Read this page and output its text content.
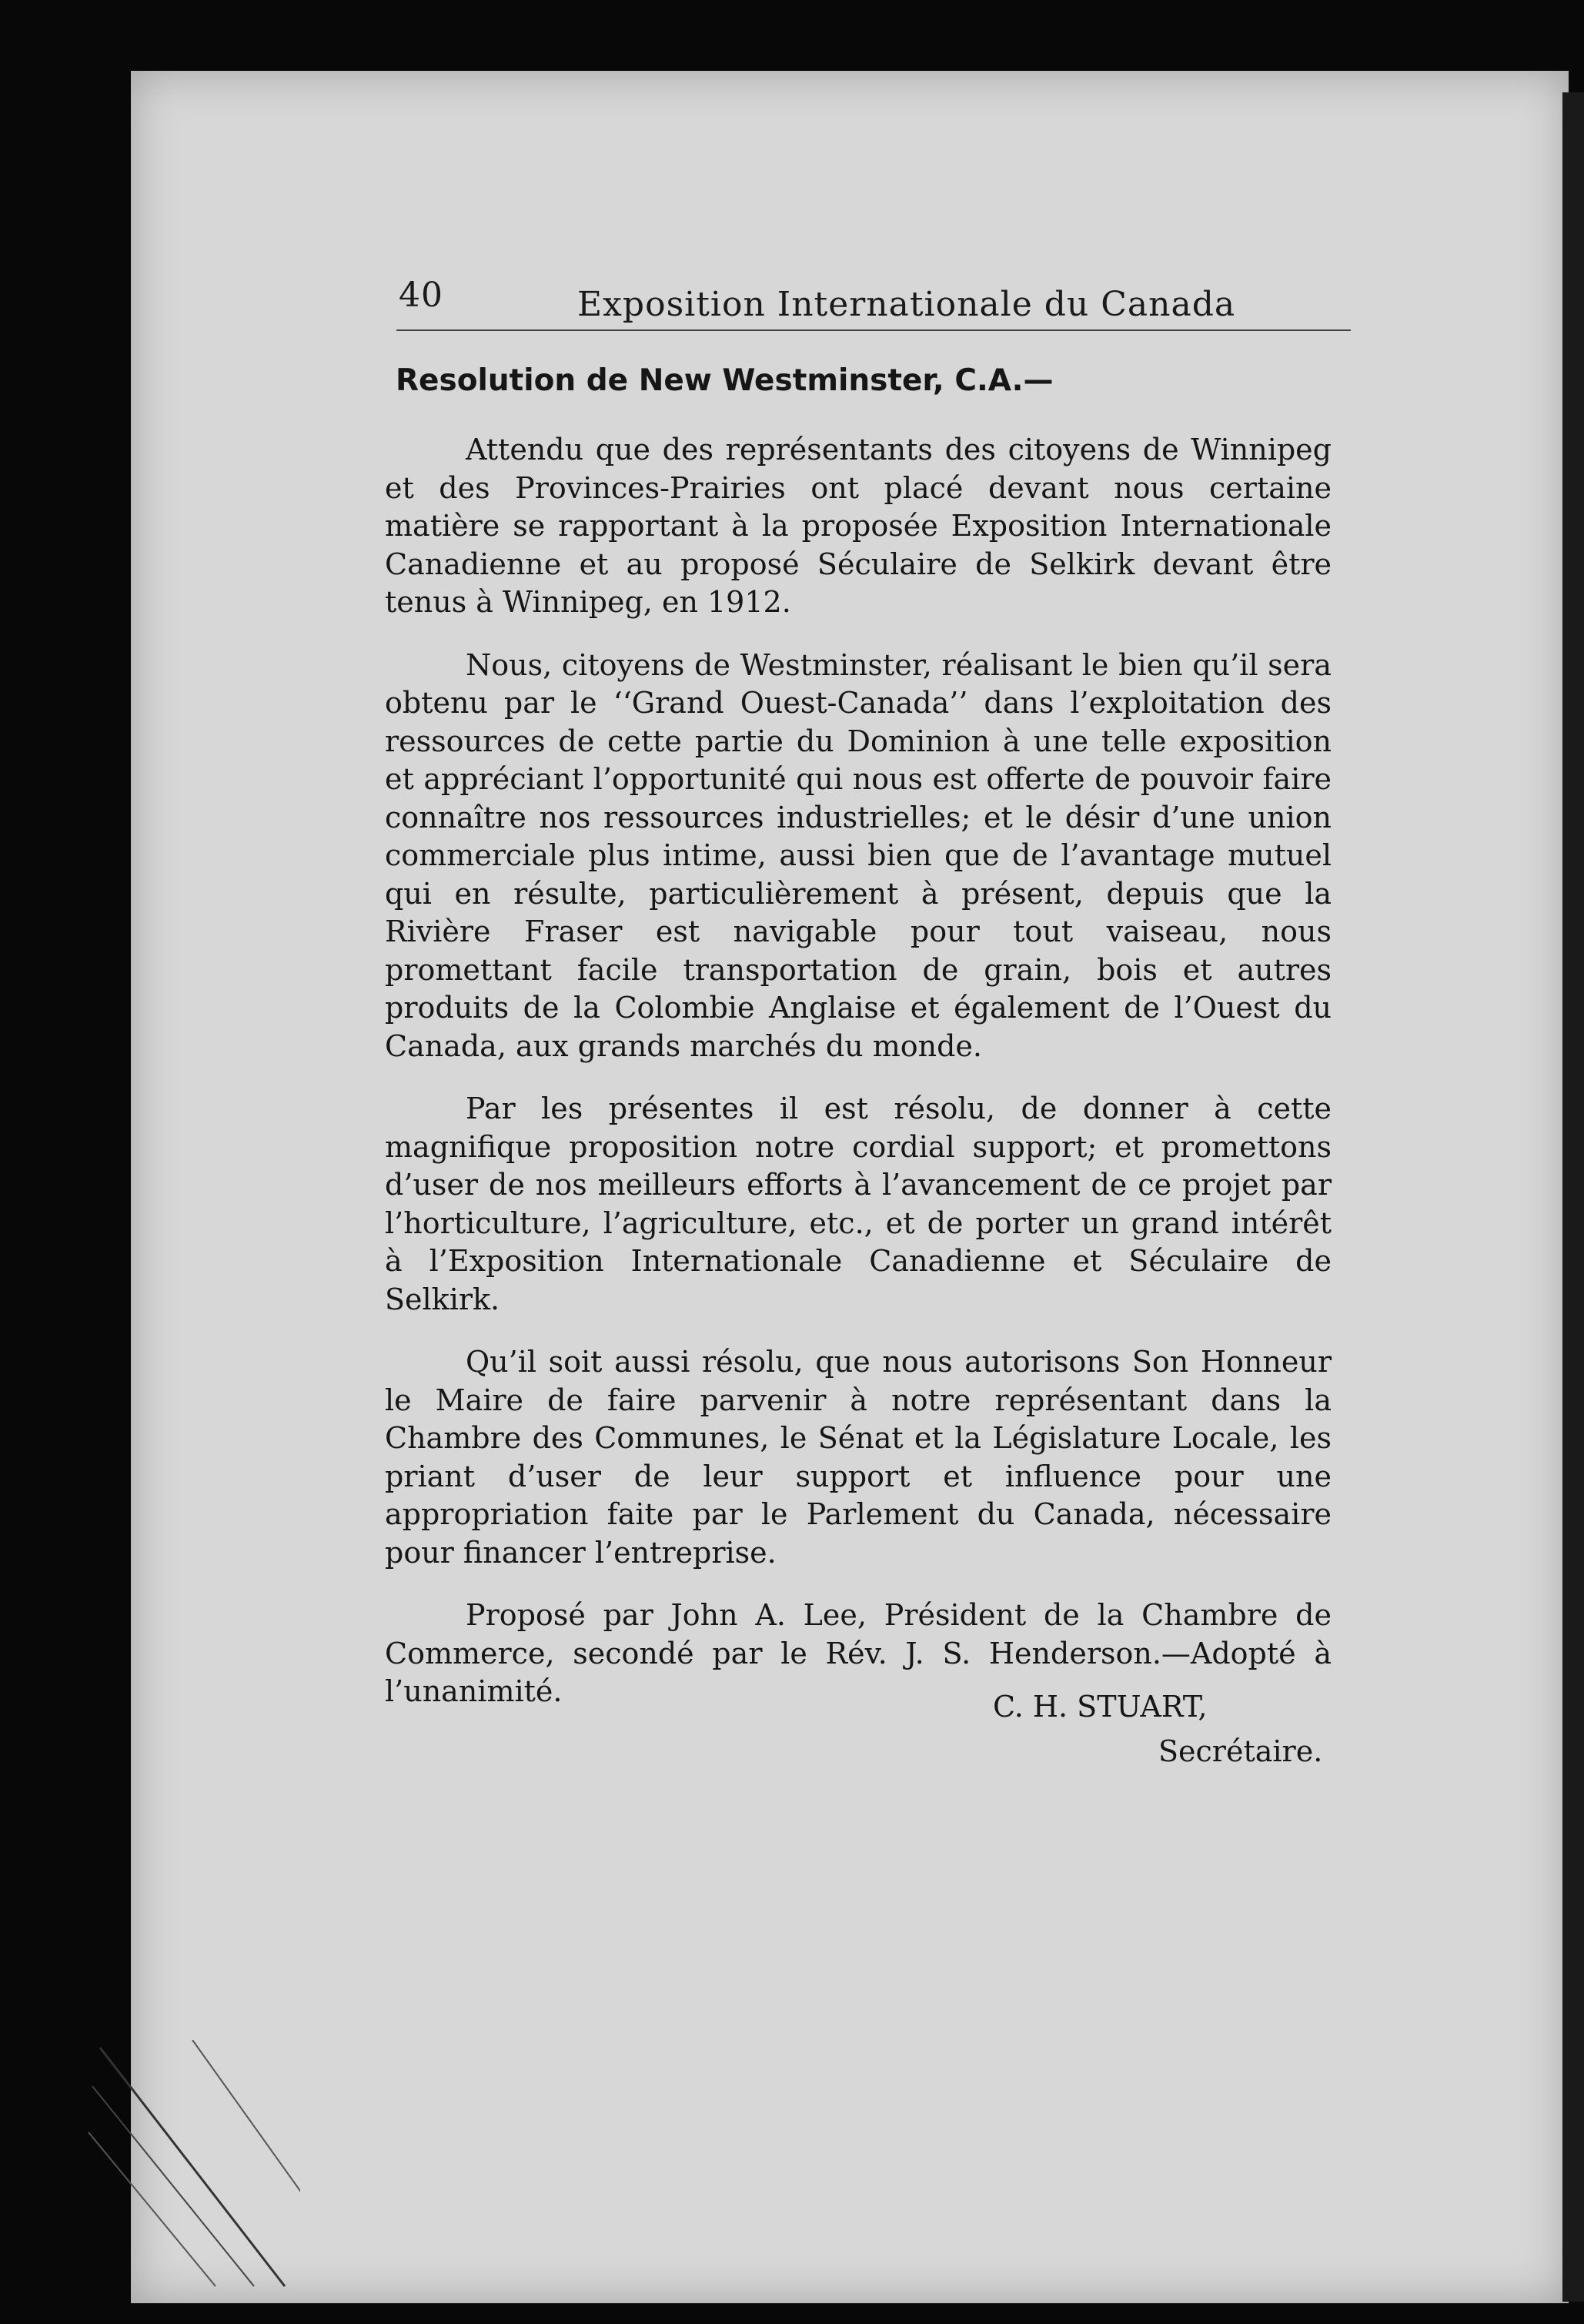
40	Exposition Internationale du Canada
Resolution de New Westminster, C.A.—

Attendu que des représentants des citoyens de Winnipeg et des Provinces-Prairies ont placé devant nous certaine matière se rapportant à la proposée Exposition Internationale Canadienne et au proposé Séculaire de Selkirk devant être tenus à Winnipeg, en 1912.

Nous, citoyens de Westminster, réalisant le bien qu’il sera obtenu par le ‘‘Grand Ouest-Canada’’ dans l’exploitation des ressources de cette partie du Dominion à une telle exposition et appréciant l’opportunité qui nous est offerte de pouvoir faire connaître nos ressources industrielles; et le désir d’une union commerciale plus intime, aussi bien que de l’avantage mutuel qui en résulte, particulièrement à présent, depuis que la Rivière Fraser est navigable pour tout vaiseau, nous promettant facile transportation de grain, bois et autres produits de la Colombie Anglaise et également de l’Ouest du Canada, aux grands marchés du monde.

Par les présentes il est résolu, de donner à cette magnifique proposition notre cordial support; et promettons d’user de nos meilleurs efforts à l’avancement de ce projet par l’horticulture, l’agriculture, etc., et de porter un grand intérêt à l’Exposition Internationale Canadienne et Séculaire de Selkirk.

Qu’il soit aussi résolu, que nous autorisons Son Honneur le Maire de faire parvenir à notre représentant dans la Chambre des Communes, le Sénat et la Législature Locale, les priant d’user de leur support et influence pour une appropriation faite par le Parlement du Canada, nécessaire pour financer l’entreprise.

Proposé par John A. Lee, Président de la Chambre de Commerce, secondé par le Rév. J. S. Henderson.—Adopté à l’unanimité.	C. H. STUART,
Secrétaire.
